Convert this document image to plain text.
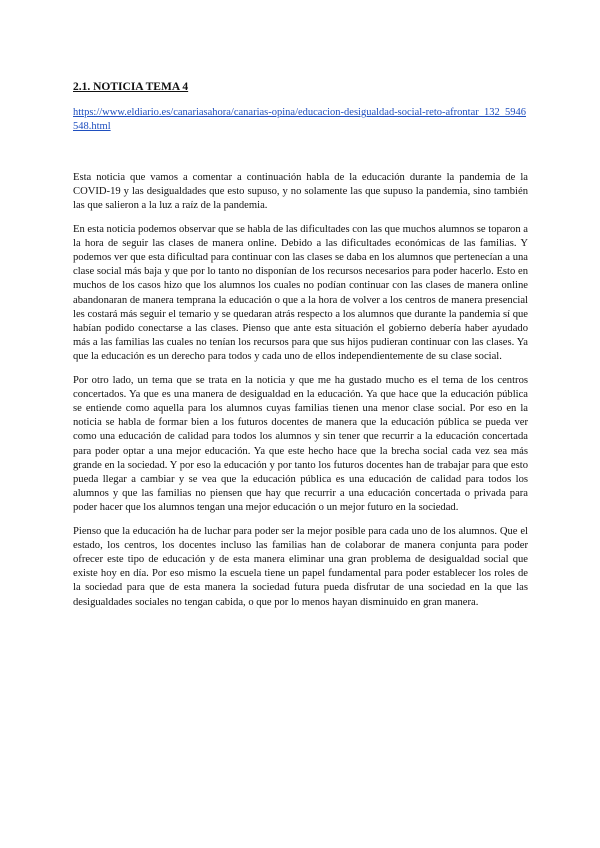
2.1. NOTICIA TEMA 4
https://www.eldiario.es/canariasahora/canarias-opina/educacion-desigualdad-social-reto-afrontar_132_5946548.html

Esta noticia que vamos a comentar a continuación habla de la educación durante la pandemia de la COVID-19 y las desigualdades que esto supuso, y no solamente las que supuso la pandemia, sino también las que salieron a la luz a raíz de la pandemia.

En esta noticia podemos observar que se habla de las dificultades con las que muchos alumnos se toparon a la hora de seguir las clases de manera online. Debido a las dificultades económicas de las familias. Y podemos ver que esta dificultad para continuar con las clases se daba en los alumnos que pertenecían a una clase social más baja y que por lo tanto no disponían de los recursos necesarios para poder hacerlo. Esto en muchos de los casos hizo que los alumnos los cuales no podían continuar con las clases de manera online abandonaran de manera temprana la educación o que a la hora de volver a los centros de manera presencial les costará más seguir el temario y se quedaran atrás respecto a los alumnos que durante la pandemia sí que habían podido conectarse a las clases. Pienso que ante esta situación el gobierno debería haber ayudado más a las familias las cuales no tenían los recursos para que sus hijos pudieran continuar con las clases. Ya que la educación es un derecho para todos y cada uno de ellos independientemente de su clase social.

Por otro lado, un tema que se trata en la noticia y que me ha gustado mucho es el tema de los centros concertados. Ya que es una manera de desigualdad en la educación. Ya que hace que la educación pública se entiende como aquella para los alumnos cuyas familias tienen una menor clase social. Por eso en la noticia se habla de formar bien a los futuros docentes de manera que la educación pública se pueda ver como una educación de calidad para todos los alumnos y sin tener que recurrir a la educación concertada para poder optar a una mejor educación. Ya que este hecho hace que la brecha social cada vez sea más grande en la sociedad. Y por eso la educación y por tanto los futuros docentes han de trabajar para que esto pueda llegar a cambiar y se vea que la educación pública es una educación de calidad para todos los alumnos y que las familias no piensen que hay que recurrir a una educación concertada o privada para poder hacer que los alumnos tengan una mejor educación o un mejor futuro en la sociedad.

Pienso que la educación ha de luchar para poder ser la mejor posible para cada uno de los alumnos. Que el estado, los centros, los docentes incluso las familias han de colaborar de manera conjunta para poder ofrecer este tipo de educación y de esta manera eliminar una gran problema de desigualdad social que existe hoy en día. Por eso mismo la escuela tiene un papel fundamental para poder establecer los roles de la sociedad para que de esta manera la sociedad futura pueda disfrutar de una sociedad en la que las desigualdades sociales no tengan cabida, o que por lo menos hayan disminuido en gran manera.
